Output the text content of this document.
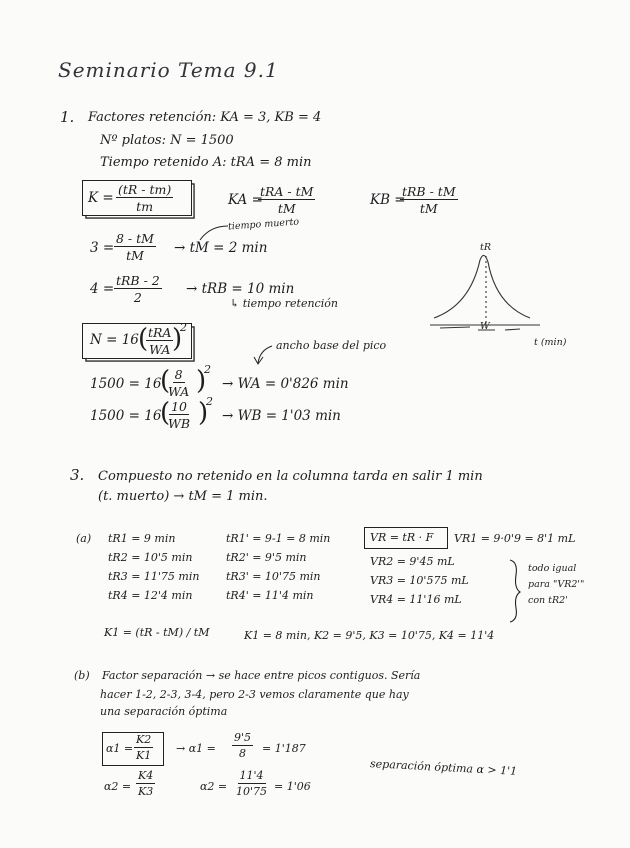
Seminario Tema 9.1
1. Factores retención: KA = 3, KB = 4
Nº platos: N = 1500
Tiempo retenido A: tRA = 8 min
$K = \frac{(tR - tm)}{tm}$	KA =
tRA - tM
tM
KB =
tRB - tM
tM
tiempo muerto
$3 = \frac{8 - tM}{tM}$ → tM = 2 min
4 =
tRB - 2
2
→ tRB = 10 min
↳ tiempo retención
N = 16 ( tRA
WA )
2
ancho base del pico
1500 = 16
(
$\frac{8}{WA}$ )
2
→ WA = 0'826 min
1500 = 16
(
$\frac{10}{WB}$ )
2
→ WB = 1'03 min
tR
W
t (min)
3. Compuesto no retenido en la columna tarda en salir 1 min
(t. muerto) → tM = 1 min.
(a) tR1 = 9 min
tR2 = 10'5 min
tR3 = 11'75 min
tR4 = 12'4 min
tR1' = 9-1 = 8 min
tR2' = 9'5 min
tR3' = 10'75 min
tR4' = 11'4 min
VR = tR · F VR1 = 9·0'9 = 8'1 mL
VR2 = 9'45 mL
VR3 = 10'575 mL
VR4 = 11'16 mL
todo igual
para "VR2'"
con tR2'
K1 = (tR - tM) / tM	K1 = 8 min, K2 = 9'5, K3 = 10'75, K4 = 11'4
(b) Factor separación → se hace entre picos contiguos. Sería
hacer 1-2, 2-3, 3-4, pero 2-3 vemos claramente que hay
una separación óptima
$\alpha 1 = \frac{K2}{K1} \to \alpha 1 = \frac{9'5}{8} = 1'187$
$\alpha 2 = \frac{K4}{K3}$	$\alpha 2 = \frac{11'4}{10'75} = 1'06$
separación óptima α > 1'1
